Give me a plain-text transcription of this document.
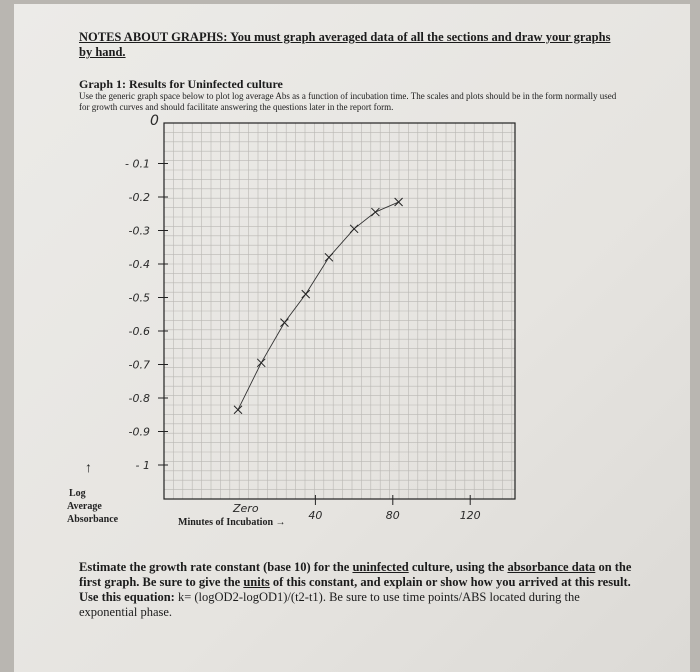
NOTES ABOUT GRAPHS: You must graph averaged data of all the sections and draw your graphs by hand.
Graph 1: Results for Uninfected culture
Use the generic graph space below to plot log average Abs as a function of incubation time. The scales and plots should be in the form normally used for growth curves and should facilitate answering the questions later in the report form.
- 0.1
-0.2
-0.3
-0.4
-0.5
-0.6
-0.7
-0.8
-0.9
- 1
40	80	120
0
↑
Log
Average
Absorbance	Minutes of Incubation →
Zero
Estimate the growth rate constant (base 10) for the uninfected culture, using the absorbance data on the first graph. Be sure to give the units of this constant, and explain or show how you arrived at this result. Use this equation: k= (logOD2-logOD1)/(t2-t1). Be sure to use time points/ABS located during the exponential phase.
